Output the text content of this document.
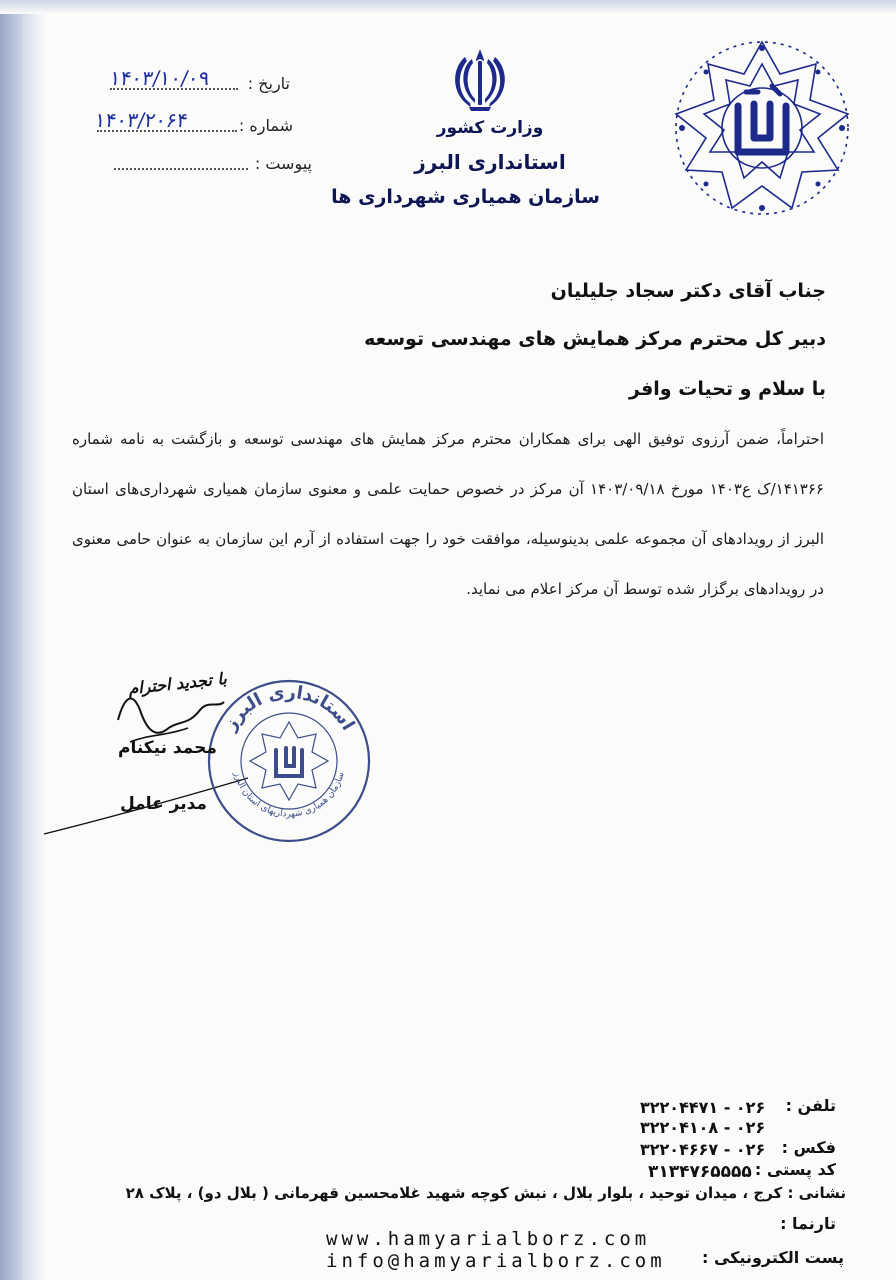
تاریخ :
۱۴۰۳/۱۰/۰۹
شماره :
۱۴۰۳/۲۰۶۴
پیوست :
وزارت کشور
استانداری البرز
سازمان همیاری شهرداری ها
جناب آقای دکتر سجاد جلیلیان
دبیر کل محترم مرکز همایش های مهندسی توسعه
با سلام و تحیات وافر
احتراماً، ضمن آرزوی توفیق الهی برای همکاران محترم مرکز همایش های مهندسی توسعه و بازگشت به نامه شماره ۱۴۱۳۶۶/ک ع۱۴۰۳ مورخ ۱۴۰۳/۰۹/۱۸ آن مرکز در خصوص حمایت علمی و معنوی سازمان همیاری شهرداری‌های استان البرز از رویدادهای آن مجموعه علمی بدینوسیله، موافقت خود را جهت استفاده از آرم این سازمان به عنوان حامی معنوی در رویدادهای برگزار شده توسط آن مرکز اعلام می نماید.
با تجدید احترام
استانداری البرز
سازمان همیاری شهرداریهای استان البرز
محمد نیکنام
مدیر عامل
تلفن :
۰۲۶ - ۳۲۲۰۴۴۷۱
۰۲۶ - ۳۲۲۰۴۱۰۸
فکس :
۰۲۶ - ۳۲۲۰۴۶۶۷
کد پستی :
۳۱۳۴۷۶۵۵۵۵
نشانی : کرج ، میدان توحید ، بلوار بلال ، نبش کوچه شهید غلامحسین قهرمانی ( بلال دو) ، پلاک ۲۸
تارنما :
www.hamyarialborz.com
پست الکترونیکی :
info@hamyarialborz.com
